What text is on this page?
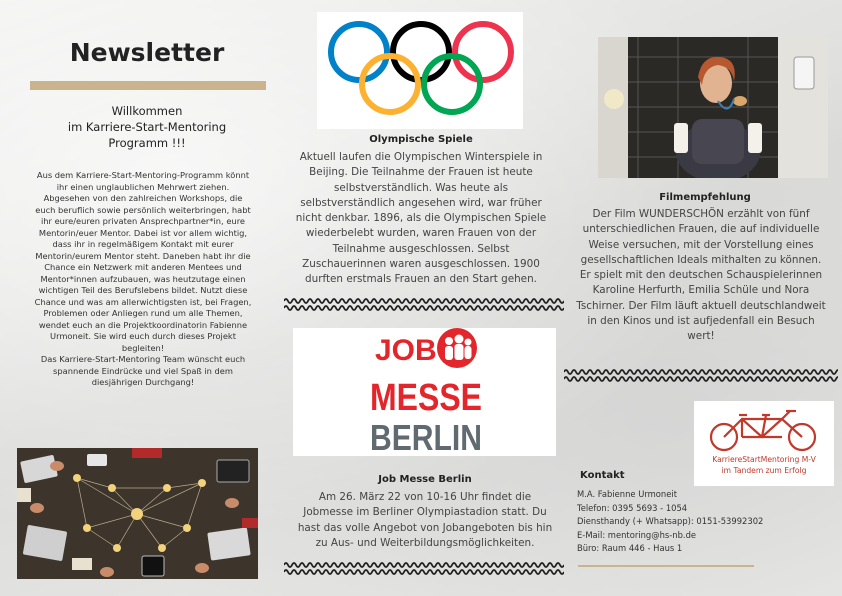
Newsletter
Willkommen
im Karriere-Start-Mentoring
Programm !!!
Aus dem Karriere-Start-Mentoring-Programm könnt
ihr einen unglaublichen Mehrwert ziehen.
Abgesehen von den zahlreichen Workshops, die
euch beruflich sowie persönlich weiterbringen, habt
ihr eure/euren privaten Ansprechpartner*in, eure
Mentorin/euer Mentor. Dabei ist vor allem wichtig,
dass ihr in regelmäßigem Kontakt mit eurer
Mentorin/eurem Mentor steht. Daneben habt ihr die
Chance ein Netzwerk mit anderen Mentees und
Mentor*innen aufzubauen, was heutzutage einen
wichtigen Teil des Berufslebens bildet. Nutzt diese
Chance und was am allerwichtigsten ist, bei Fragen,
Problemen oder Anliegen rund um alle Themen,
wendet euch an die Projektkoordinatorin Fabienne
Urmoneit. Sie wird euch durch dieses Projekt
begleiten!
Das Karriere-Start-Mentoring Team wünscht euch
spannende Eindrücke und viel Spaß in dem
diesjährigen Durchgang!
Olympische Spiele
Aktuell laufen die Olympischen Winterspiele in
Beijing. Die Teilnahme der Frauen ist heute
selbstverständlich. Was heute als
selbstverständlich angesehen wird, war früher
nicht denkbar. 1896, als die Olympischen Spiele
wiederbelebt wurden, waren Frauen von der
Teilnahme ausgeschlossen. Selbst
Zuschauerinnen waren ausgeschlossen. 1900
durften erstmals Frauen an den Start gehen.
JOB
MESSE
BERLIN
Job Messe Berlin
Am 26. März 22 von 10-16 Uhr findet die
Jobmesse im Berliner Olympiastadion statt. Du
hast das volle Angebot von Jobangeboten bis hin
zu Aus- und Weiterbildungsmöglichkeiten.
Filmempfehlung
Der Film WUNDERSCHÖN erzählt von fünf
unterschiedlichen Frauen, die auf individuelle
Weise versuchen, mit der Vorstellung eines
gesellschaftlichen Ideals mithalten zu können.
Er spielt mit den deutschen Schauspielerinnen
Karoline Herfurth, Emilia Schüle und Nora
Tschirner. Der Film läuft aktuell deutschlandweit
in den Kinos und ist aufjedenfall ein Besuch
wert!
KarriereStartMentoring M-V
im Tandem zum Erfolg
Kontakt
M.A. Fabienne Urmoneit
Telefon: 0395 5693 - 1054
Diensthandy (+ Whatsapp): 0151-53992302
E-Mail: mentoring@hs-nb.de
Büro: Raum 446 - Haus 1
